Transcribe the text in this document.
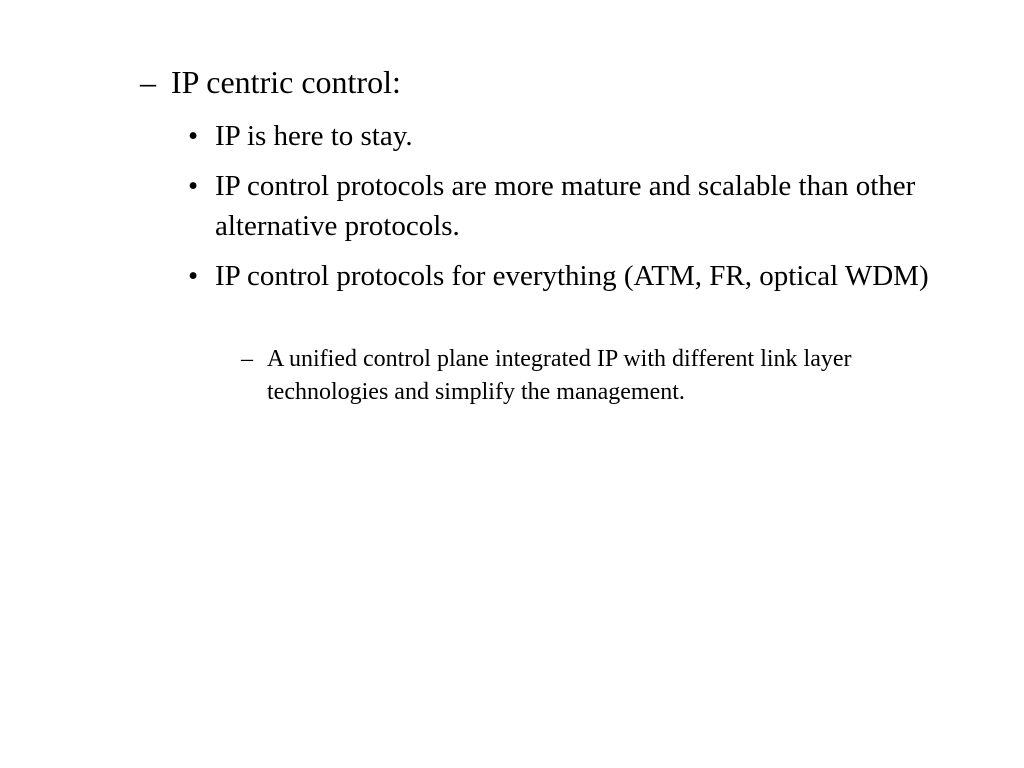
– IP centric control:
• IP is here to stay.
• IP control protocols are more mature and scalable than other alternative protocols.
• IP control protocols for everything (ATM, FR, optical WDM)
– A unified control plane integrated IP with different link layer technologies and simplify the management.
